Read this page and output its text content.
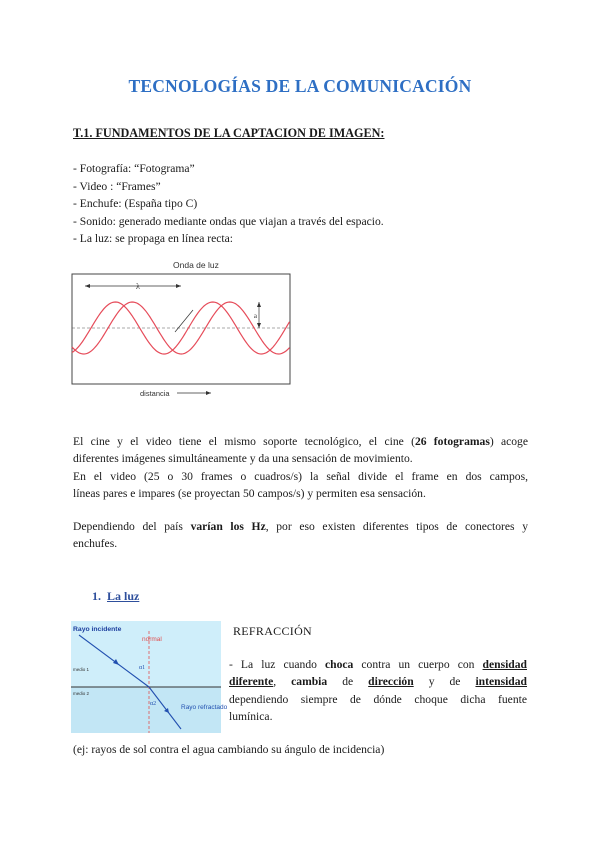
TECNOLOGÍAS DE LA COMUNICACIÓN
T.1. FUNDAMENTOS DE LA CAPTACION DE IMAGEN:
- Fotografía: “Fotograma”
- Video : “Frames”
- Enchufe: (España tipo C)
- Sonido: generado mediante ondas que viajan a través del espacio.
- La luz: se propaga en línea recta:
Onda de luz
λ
a
distancia
El cine y el video tiene el mismo soporte tecnológico, el cine (26 fotogramas) acoge
diferentes imágenes simultáneamente y da una sensación de movimiento.
En el video (25 o 30 frames o cuadros/s) la señal divide el frame en dos campos,
líneas pares e impares (se proyectan 50 campos/s) y permiten esa sensación.
Dependiendo del país varían los Hz, por eso existen diferentes tipos de conectores y
enchufes.
1. La luz
normal
Rayo incidente
medio 1
medio 2
α1
α2	Rayo refractado
REFRACCIÓN
- La luz cuando choca contra un cuerpo con densidad
diferente, cambia de dirección y de intensidad
dependiendo siempre de dónde choque dicha fuente
lumínica.
(ej: rayos de sol contra el agua cambiando su ángulo de incidencia)
